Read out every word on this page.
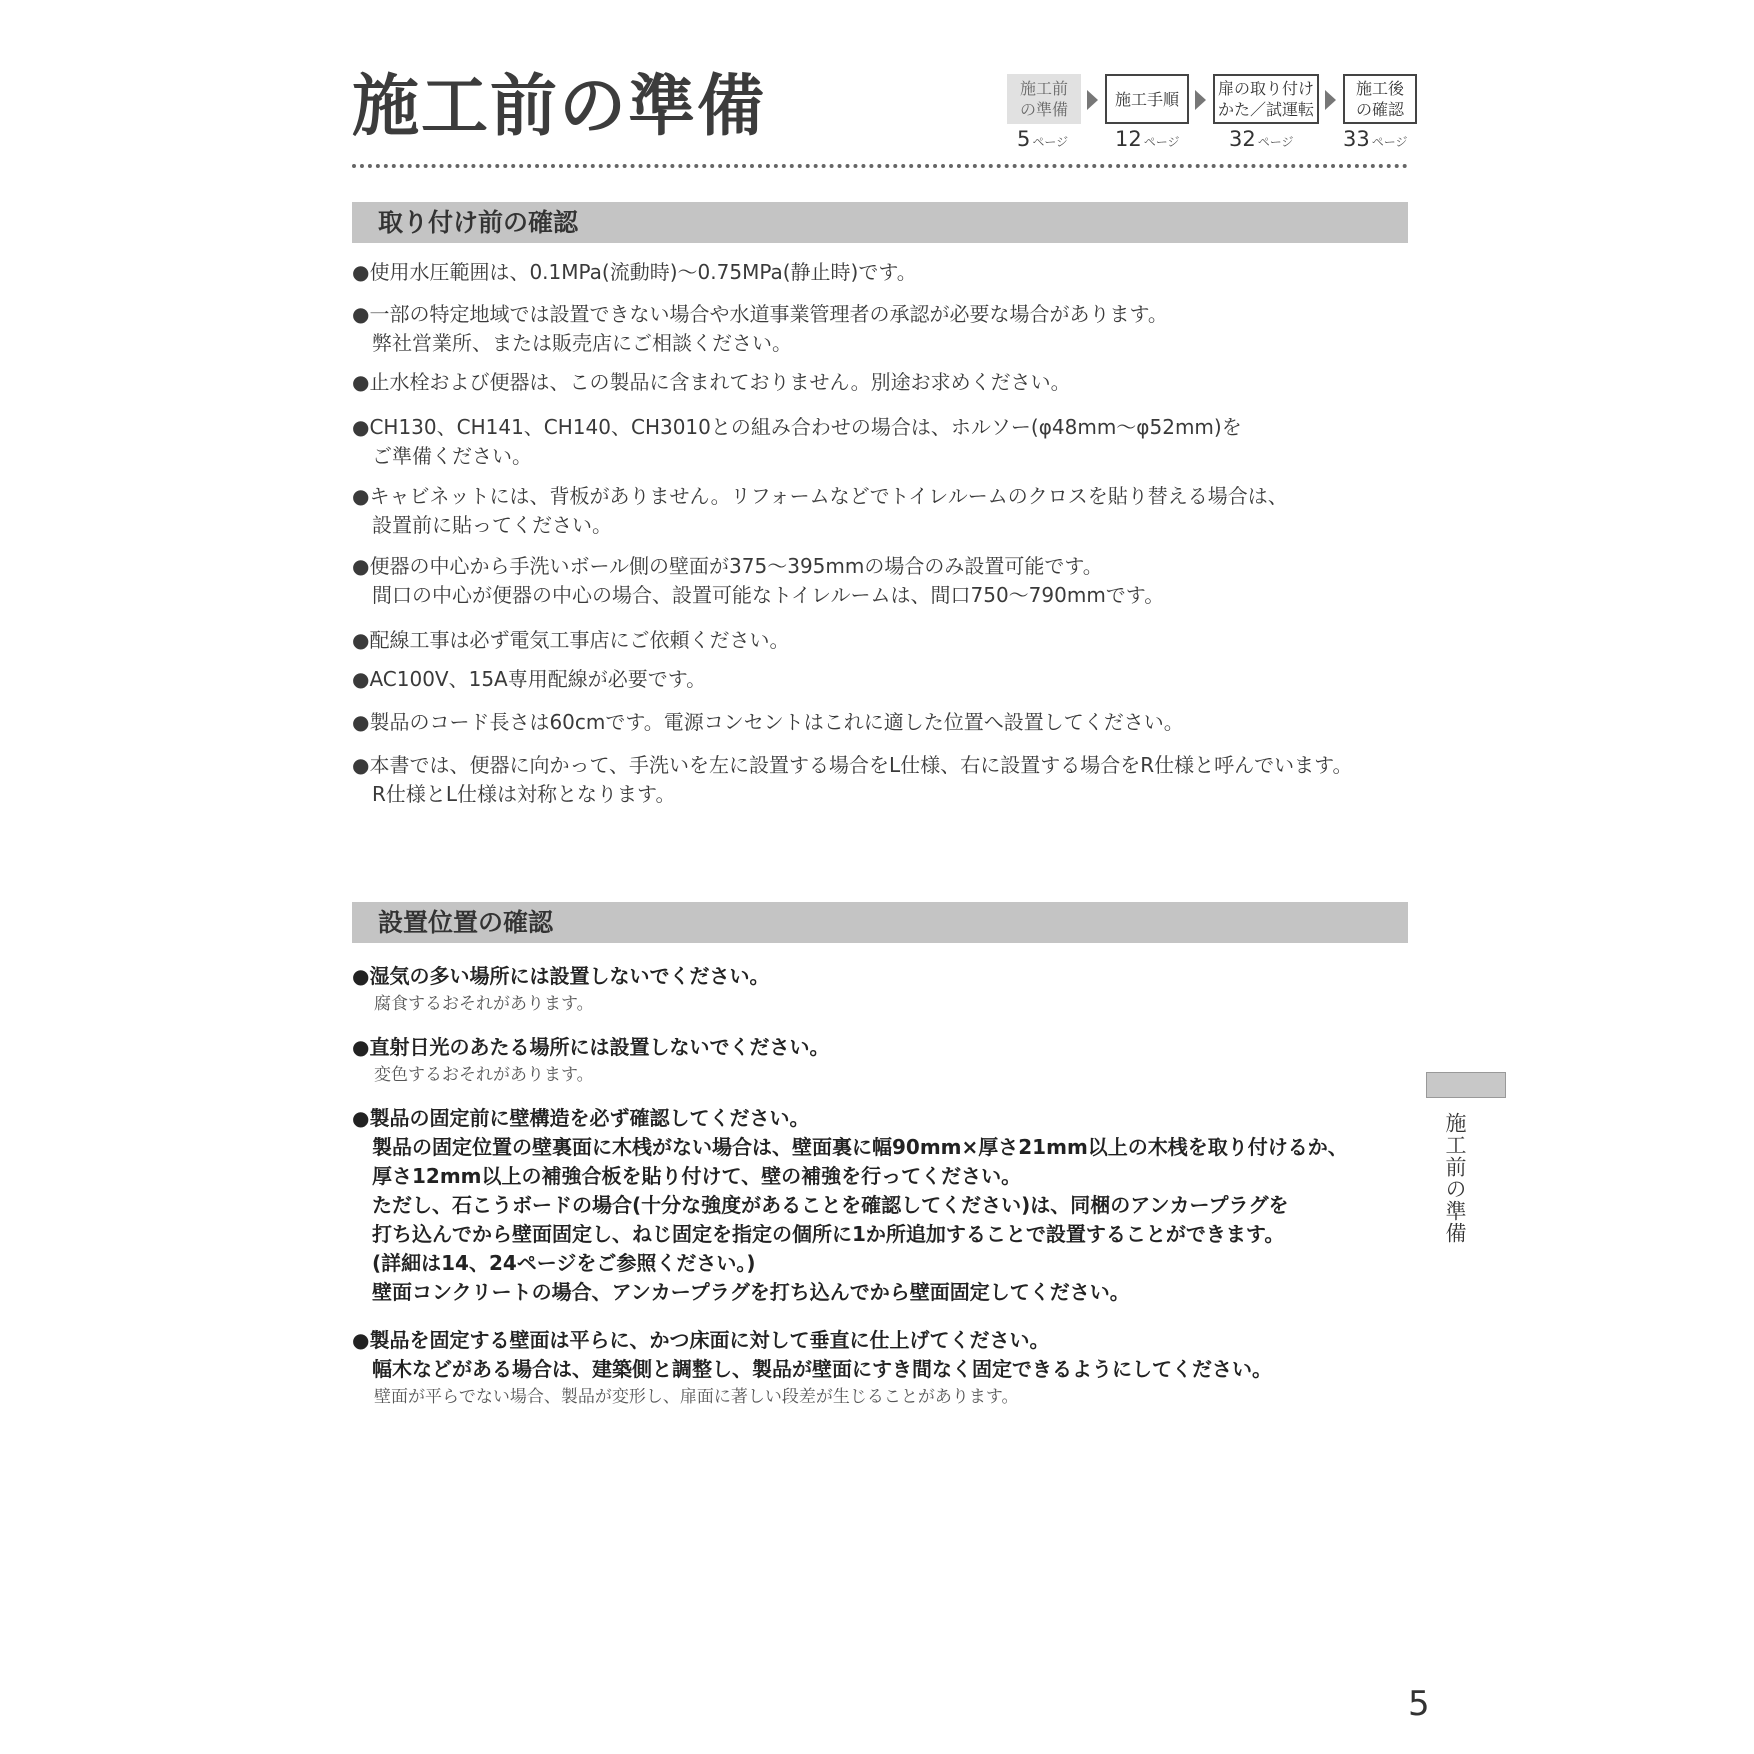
施工前の準備	施工前
の準備
施工手順
扉の取り付け
かた／試運転
施工後
の確認
5 ページ 12 ページ 32 ページ 33 ページ
取り付け前の確認
●使用水圧範囲は、0.1MPa(流動時)～0.75MPa(静止時)です。
●一部の特定地域では設置できない場合や水道事業管理者の承認が必要な場合があります。
弊社営業所、または販売店にご相談ください。
●止水栓および便器は、この製品に含まれておりません。別途お求めください。
●CH130、CH141、CH140、CH3010との組み合わせの場合は、ホルソー(φ48mm～φ52mm)を
ご準備ください。
●キャビネットには、背板がありません。リフォームなどでトイレルームのクロスを貼り替える場合は、
設置前に貼ってください。
●便器の中心から手洗いボール側の壁面が375～395mmの場合のみ設置可能です。
間口の中心が便器の中心の場合、設置可能なトイレルームは、間口750～790mmです。
●配線工事は必ず電気工事店にご依頼ください。
●AC100V、15A専用配線が必要です。
●製品のコード長さは60cmです。電源コンセントはこれに適した位置へ設置してください。
●本書では、便器に向かって、手洗いを左に設置する場合をL仕様、右に設置する場合をR仕様と呼んでいます。
R仕様とL仕様は対称となります。
設置位置の確認
●湿気の多い場所には設置しないでください。
腐食するおそれがあります。
●直射日光のあたる場所には設置しないでください。
変色するおそれがあります。
●製品の固定前に壁構造を必ず確認してください。
製品の固定位置の壁裏面に木桟がない場合は、壁面裏に幅90mm×厚さ21mm以上の木桟を取り付けるか、
厚さ12mm以上の補強合板を貼り付けて、壁の補強を行ってください。
ただし、石こうボードの場合(十分な強度があることを確認してください)は、同梱のアンカープラグを
打ち込んでから壁面固定し、ねじ固定を指定の個所に1か所追加することで設置することができます。
(詳細は14、24ページをご参照ください。)
壁面コンクリートの場合、アンカープラグを打ち込んでから壁面固定してください。
●製品を固定する壁面は平らに、かつ床面に対して垂直に仕上げてください。
幅木などがある場合は、建築側と調整し、製品が壁面にすき間なく固定できるようにしてください。
壁面が平らでない場合、製品が変形し、扉面に著しい段差が生じることがあります。
施工前の準備
5
